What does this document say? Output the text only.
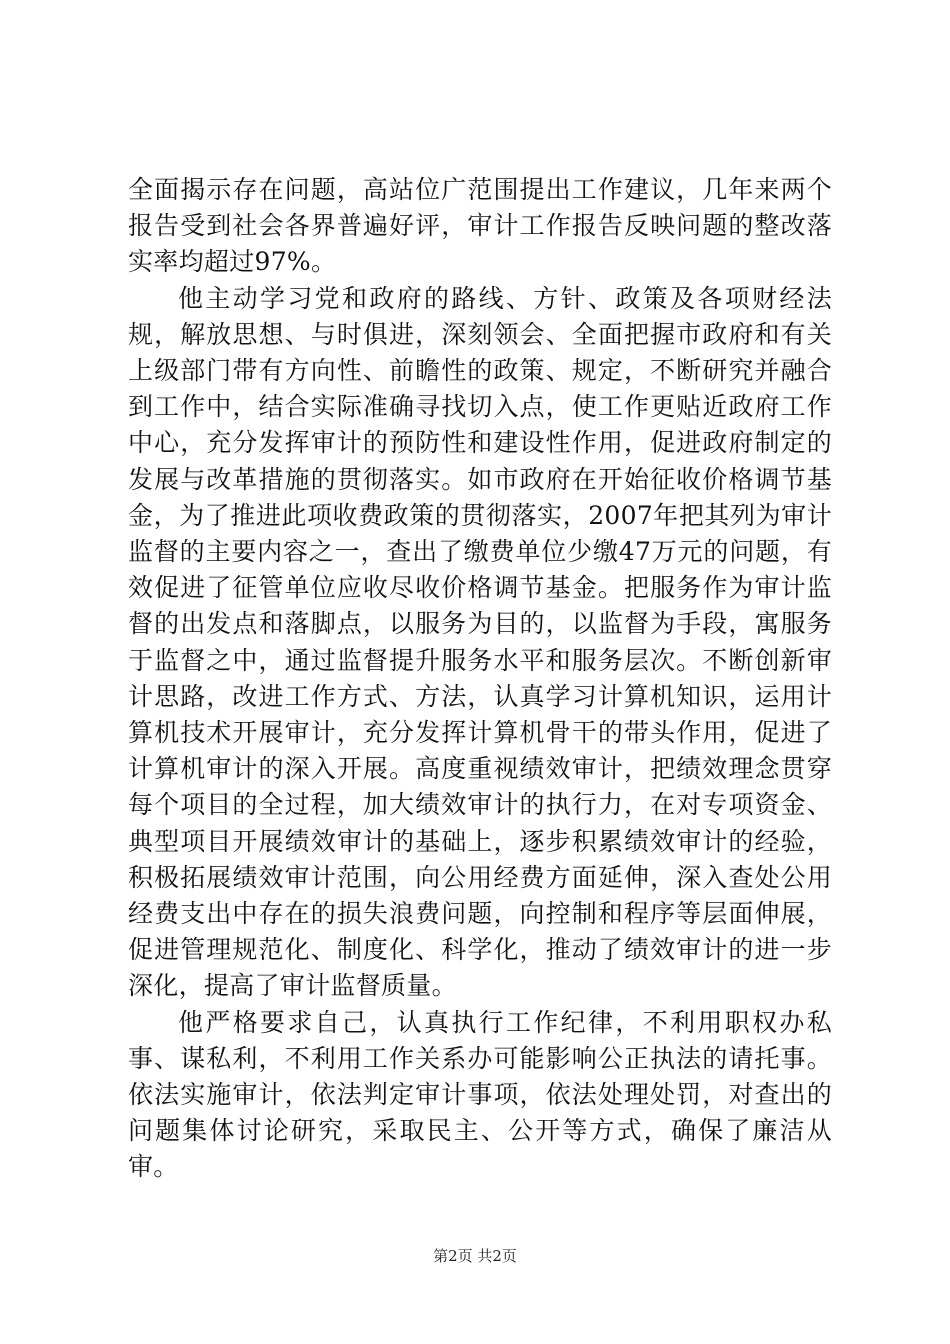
全面揭示存在问题，高站位广范围提出工作建议，几年来两个报告受到社会各界普遍好评，审计工作报告反映问题的整改落实率均超过97%。

他主动学习党和政府的路线、方针、政策及各项财经法规，解放思想、与时俱进，深刻领会、全面把握市政府和有关上级部门带有方向性、前瞻性的政策、规定，不断研究并融合到工作中，结合实际准确寻找切入点，使工作更贴近政府工作中心，充分发挥审计的预防性和建设性作用，促进政府制定的发展与改革措施的贯彻落实。如市政府在开始征收价格调节基金，为了推进此项收费政策的贯彻落实，2007年把其列为审计监督的主要内容之一，查出了缴费单位少缴47万元的问题，有效促进了征管单位应收尽收价格调节基金。把服务作为审计监督的出发点和落脚点，以服务为目的，以监督为手段，寓服务于监督之中，通过监督提升服务水平和服务层次。不断创新审计思路，改进工作方式、方法，认真学习计算机知识，运用计算机技术开展审计，充分发挥计算机骨干的带头作用，促进了计算机审计的深入开展。高度重视绩效审计，把绩效理念贯穿每个项目的全过程，加大绩效审计的执行力，在对专项资金、典型项目开展绩效审计的基础上，逐步积累绩效审计的经验，积极拓展绩效审计范围，向公用经费方面延伸，深入查处公用经费支出中存在的损失浪费问题，向控制和程序等层面伸展，促进管理规范化、制度化、科学化，推动了绩效审计的进一步深化，提高了审计监督质量。

他严格要求自己，认真执行工作纪律，不利用职权办私事、谋私利，不利用工作关系办可能影响公正执法的请托事。依法实施审计，依法判定审计事项，依法处理处罚，对查出的问题集体讨论研究，采取民主、公开等方式，确保了廉洁从审。

第2页 共2页
